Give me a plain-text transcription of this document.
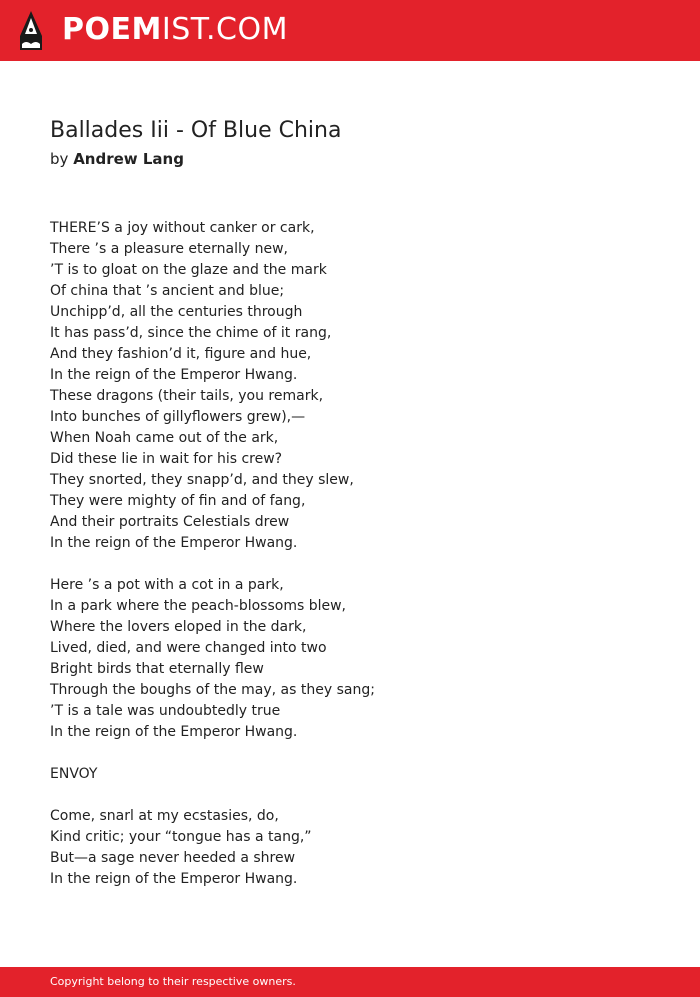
POEMIST.COM
Ballades Iii - Of Blue China
by Andrew Lang
THERE’S a joy without canker or cark,
There ’s a pleasure eternally new,
’T is to gloat on the glaze and the mark
Of china that ’s ancient and blue;
Unchipp’d, all the centuries through
It has pass’d, since the chime of it rang,
And they fashion’d it, figure and hue,
In the reign of the Emperor Hwang.
These dragons (their tails, you remark,
Into bunches of gillyflowers grew),—
When Noah came out of the ark,
Did these lie in wait for his crew?
They snorted, they snapp’d, and they slew,
They were mighty of fin and of fang,
And their portraits Celestials drew
In the reign of the Emperor Hwang.
Here ’s a pot with a cot in a park,
In a park where the peach-blossoms blew,
Where the lovers eloped in the dark,
Lived, died, and were changed into two
Bright birds that eternally flew
Through the boughs of the may, as they sang;
’T is a tale was undoubtedly true
In the reign of the Emperor Hwang.
ENVOY
Come, snarl at my ecstasies, do,
Kind critic; your “tongue has a tang,”
But—a sage never heeded a shrew
In the reign of the Emperor Hwang.
Copyright belong to their respective owners.
